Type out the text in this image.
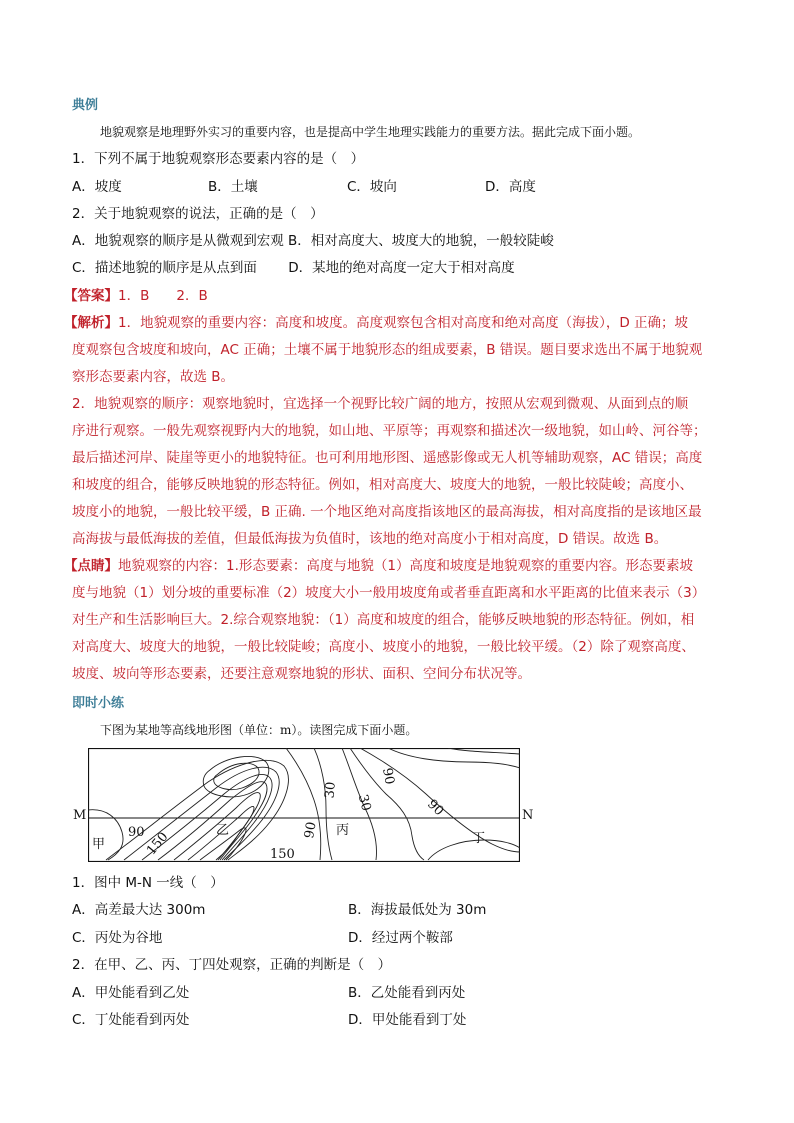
典例
地貌观察是地理野外实习的重要内容，也是提高中学生地理实践能力的重要方法。据此完成下面小题。
1．下列不属于地貌观察形态要素内容的是（　）
A．坡度	B．土壤	C．坡向	D．高度
2．关于地貌观察的说法，正确的是（　）
A．地貌观察的顺序是从微观到宏观 B．相对高度大、坡度大的地貌，一般较陡峻
C．描述地貌的顺序是从点到面　　 D．某地的绝对高度一定大于相对高度
【答案】1．B　　2．B
【解析】1．地貌观察的重要内容：高度和坡度。高度观察包含相对高度和绝对高度（海拔），D 正确；坡
度观察包含坡度和坡向，AC 正确；土壤不属于地貌形态的组成要素，B 错误。题目要求选出不属于地貌观
察形态要素内容，故选 B。
2．地貌观察的顺序：观察地貌时，宜选择一个视野比较广阔的地方，按照从宏观到微观、从面到点的顺
序进行观察。一般先观察视野内大的地貌，如山地、平原等；再观察和描述次一级地貌，如山岭、河谷等；
最后描述河岸、陡崖等更小的地貌特征。也可利用地形图、遥感影像或无人机等辅助观察，AC 错误；高度
和坡度的组合，能够反映地貌的形态特征。例如，相对高度大、坡度大的地貌，一般比较陡峻；高度小、
坡度小的地貌，一般比较平缓，B 正确. 一个地区绝对高度指该地区的最高海拔，相对高度指的是该地区最
高海拔与最低海拔的差值，但最低海拔为负值时，该地的绝对高度小于相对高度，D 错误。故选 B。
【点睛】地貌观察的内容：1.形态要素：高度与地貌（1）高度和坡度是地貌观察的重要内容。形态要素坡
度与地貌（1）划分坡的重要标准（2）坡度大小一般用坡度角或者垂直距离和水平距离的比值来表示（3）
对生产和生活影响巨大。2.综合观察地貌：（1）高度和坡度的组合，能够反映地貌的形态特征。例如，相
对高度大、坡度大的地貌，一般比较陡峻；高度小、坡度小的地貌，一般比较平缓。（2）除了观察高度、
坡度、坡向等形态要素，还要注意观察地貌的形状、面积、空间分布状况等。
即时小练
下图为某地等高线地形图（单位：m）。读图完成下面小题。
90 150	150
90
30
30
90
90
甲
乙	丙
丁
M	N
1．图中 M-N 一线（　）
A．高差最大达 300m	B．海拔最低处为 30m
C．丙处为谷地	D．经过两个鞍部
2．在甲、乙、丙、丁四处观察，正确的判断是（　）
A．甲处能看到乙处	B．乙处能看到丙处
C．丁处能看到丙处	D．甲处能看到丁处
